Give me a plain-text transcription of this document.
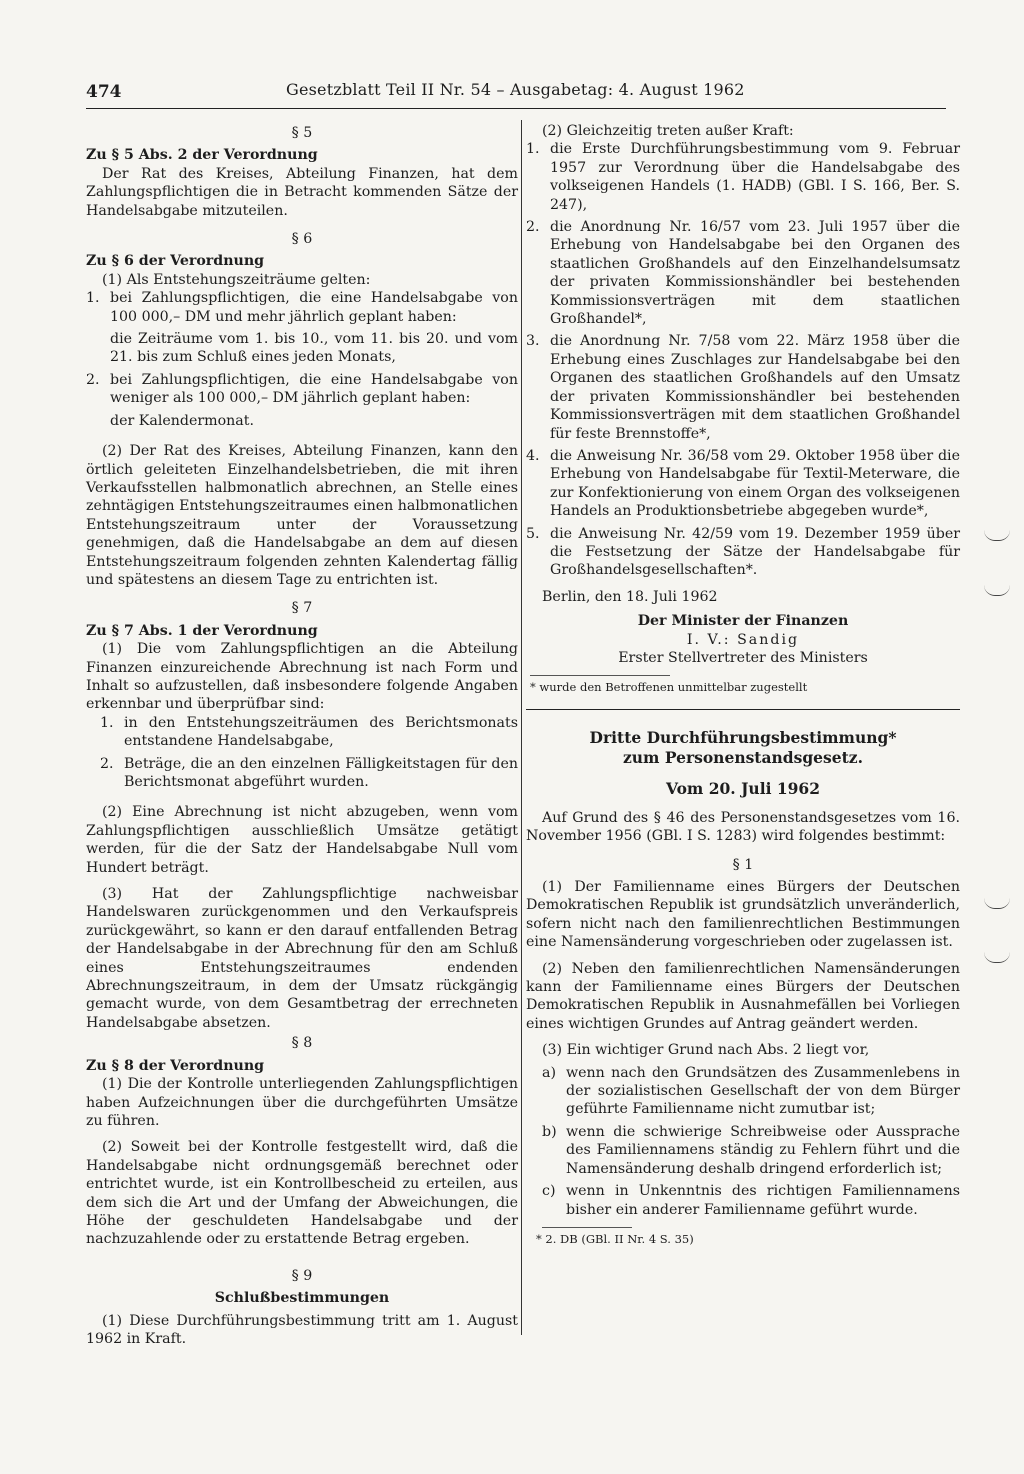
474	Gesetzblatt Teil II Nr. 54 – Ausgabetag: 4. August 1962

§ 5

Zu § 5 Abs. 2 der Verordnung

Der Rat des Kreises, Abteilung Finanzen, hat dem Zahlungspflichtigen die in Betracht kommenden Sätze der Handelsabgabe mitzuteilen.

§ 6

Zu § 6 der Verordnung

(1) Als Entstehungszeiträume gelten:

1. bei Zahlungspflichtigen, die eine Handelsabgabe von 100 000,– DM und mehr jährlich geplant haben:

die Zeiträume vom 1. bis 10., vom 11. bis 20. und vom 21. bis zum Schluß eines jeden Monats,

2. bei Zahlungspflichtigen, die eine Handelsabgabe von weniger als 100 000,– DM jährlich geplant haben:

der Kalendermonat.

(2) Der Rat des Kreises, Abteilung Finanzen, kann den örtlich geleiteten Einzelhandelsbetrieben, die mit ihren Verkaufsstellen halbmonatlich abrechnen, an Stelle eines zehntägigen Entstehungszeitraumes einen halbmonatlichen Entstehungszeitraum unter der Voraussetzung genehmigen, daß die Handelsabgabe an dem auf diesen Entstehungszeitraum folgenden zehnten Kalendertag fällig und spätestens an diesem Tage zu entrichten ist.

§ 7

Zu § 7 Abs. 1 der Verordnung

(1) Die vom Zahlungspflichtigen an die Abteilung Finanzen einzureichende Abrechnung ist nach Form und Inhalt so aufzustellen, daß insbesondere folgende Angaben erkennbar und überprüfbar sind:

1. in den Entstehungszeiträumen des Berichtsmonats entstandene Handelsabgabe,
2. Beträge, die an den einzelnen Fälligkeitstagen für den Berichtsmonat abgeführt wurden.

(2) Eine Abrechnung ist nicht abzugeben, wenn vom Zahlungspflichtigen ausschließlich Umsätze getätigt werden, für die der Satz der Handelsabgabe Null vom Hundert beträgt.

(3) Hat der Zahlungspflichtige nachweisbar Handelswaren zurückgenommen und den Verkaufspreis zurückgewährt, so kann er den darauf entfallenden Betrag der Handelsabgabe in der Abrechnung für den am Schluß eines Entstehungszeitraumes endenden Abrechnungszeitraum, in dem der Umsatz rückgängig gemacht wurde, von dem Gesamtbetrag der errechneten Handelsabgabe absetzen.

§ 8

Zu § 8 der Verordnung

(1) Die der Kontrolle unterliegenden Zahlungspflichtigen haben Aufzeichnungen über die durchgeführten Umsätze zu führen.

(2) Soweit bei der Kontrolle festgestellt wird, daß die Handelsabgabe nicht ordnungsgemäß berechnet oder entrichtet wurde, ist ein Kontrollbescheid zu erteilen, aus dem sich die Art und der Umfang der Abweichungen, die Höhe der geschuldeten Handelsabgabe und der nachzuzahlende oder zu erstattende Betrag ergeben.

§ 9

Schlußbestimmungen

(1) Diese Durchführungsbestimmung tritt am 1. August 1962 in Kraft.

(2) Gleichzeitig treten außer Kraft:

1. die Erste Durchführungsbestimmung vom 9. Februar 1957 zur Verordnung über die Handelsabgabe des volkseigenen Handels (1. HADB) (GBl. I S. 166, Ber. S. 247),
2. die Anordnung Nr. 16/57 vom 23. Juli 1957 über die Erhebung von Handelsabgabe bei den Organen des staatlichen Großhandels auf den Einzelhandelsumsatz der privaten Kommissionshändler bei bestehenden Kommissionsverträgen mit dem staatlichen Großhandel*,
3. die Anordnung Nr. 7/58 vom 22. März 1958 über die Erhebung eines Zuschlages zur Handelsabgabe bei den Organen des staatlichen Großhandels auf den Umsatz der privaten Kommissionshändler bei bestehenden Kommissionsverträgen mit dem staatlichen Großhandel für feste Brennstoffe*,
4. die Anweisung Nr. 36/58 vom 29. Oktober 1958 über die Erhebung von Handelsabgabe für Textil-Meterware, die zur Konfektionierung von einem Organ des volkseigenen Handels an Produktionsbetriebe abgegeben wurde*,
5. die Anweisung Nr. 42/59 vom 19. Dezember 1959 über die Festsetzung der Sätze der Handelsabgabe für Großhandelsgesellschaften*.

Berlin, den 18. Juli 1962

Der Minister der Finanzen

I. V.: Sandig

Erster Stellvertreter des Ministers

* wurde den Betroffenen unmittelbar zugestellt

Dritte Durchführungsbestimmung*

zum Personenstandsgesetz.

Vom 20. Juli 1962

Auf Grund des § 46 des Personenstandsgesetzes vom 16. November 1956 (GBl. I S. 1283) wird folgendes bestimmt:

§ 1

(1) Der Familienname eines Bürgers der Deutschen Demokratischen Republik ist grundsätzlich unveränderlich, sofern nicht nach den familienrechtlichen Bestimmungen eine Namensänderung vorgeschrieben oder zugelassen ist.

(2) Neben den familienrechtlichen Namensänderungen kann der Familienname eines Bürgers der Deutschen Demokratischen Republik in Ausnahmefällen bei Vorliegen eines wichtigen Grundes auf Antrag geändert werden.

(3) Ein wichtiger Grund nach Abs. 2 liegt vor,

a) wenn nach den Grundsätzen des Zusammenlebens in der sozialistischen Gesellschaft der von dem Bürger geführte Familienname nicht zumutbar ist;
b) wenn die schwierige Schreibweise oder Aussprache des Familiennamens ständig zu Fehlern führt und die Namensänderung deshalb dringend erforderlich ist;
c) wenn in Unkenntnis des richtigen Familiennamens bisher ein anderer Familienname geführt wurde.

* 2. DB (GBl. II Nr. 4 S. 35)
